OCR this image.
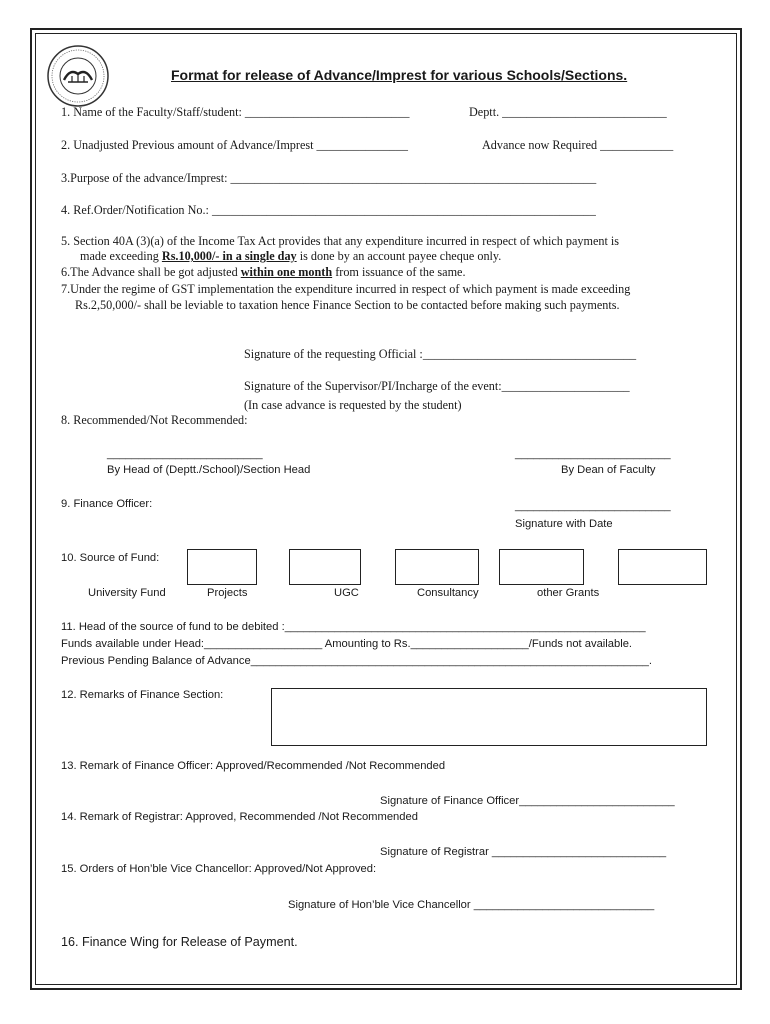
Format for release of Advance/Imprest for various Schools/Sections.
1. Name of the Faculty/Staff/student: ___________________________	Deptt. ___________________________
2. Unadjusted Previous amount of Advance/Imprest _______________	Advance now Required ____________
3.Purpose of the advance/Imprest: ____________________________________________________________
4. Ref.Order/Notification No.: _______________________________________________________________
5. Section 40A (3)(a) of the Income Tax Act provides that any expenditure incurred in respect of which payment is
made exceeding Rs.10,000/- in a single day is done by an account payee cheque only.
6.The Advance shall be got adjusted within one month from issuance of the same.
7.Under the regime of GST implementation the expenditure incurred in respect of which payment is made exceeding
Rs.2,50,000/- shall be leviable to taxation hence Finance Section to be contacted before making such payments.
Signature of the requesting Official :___________________________________
Signature of the Supervisor/PI/Incharge of the event:_____________________
(In case advance is requested by the student)
8. Recommended/Not Recommended:
_________________________	_________________________
By Head of (Deptt./School)/Section Head	By Dean of Faculty
9. Finance Officer:	_________________________
Signature with Date
10. Source of Fund:
University Fund	Projects	UGC	Consultancy	other Grants
11. Head of the source of fund to be debited :__________________________________________________________
Funds available under Head:___________________ Amounting to Rs.___________________/Funds not available.
Previous Pending Balance of Advance________________________________________________________________.
12. Remarks of Finance Section:
13. Remark of Finance Officer: Approved/Recommended /Not Recommended
Signature of Finance Officer_________________________
14. Remark of Registrar: Approved, Recommended /Not Recommended
Signature of Registrar ____________________________
15. Orders of Hon’ble Vice Chancellor: Approved/Not Approved:
Signature of Hon’ble Vice Chancellor _____________________________
16. Finance Wing for Release of Payment.
